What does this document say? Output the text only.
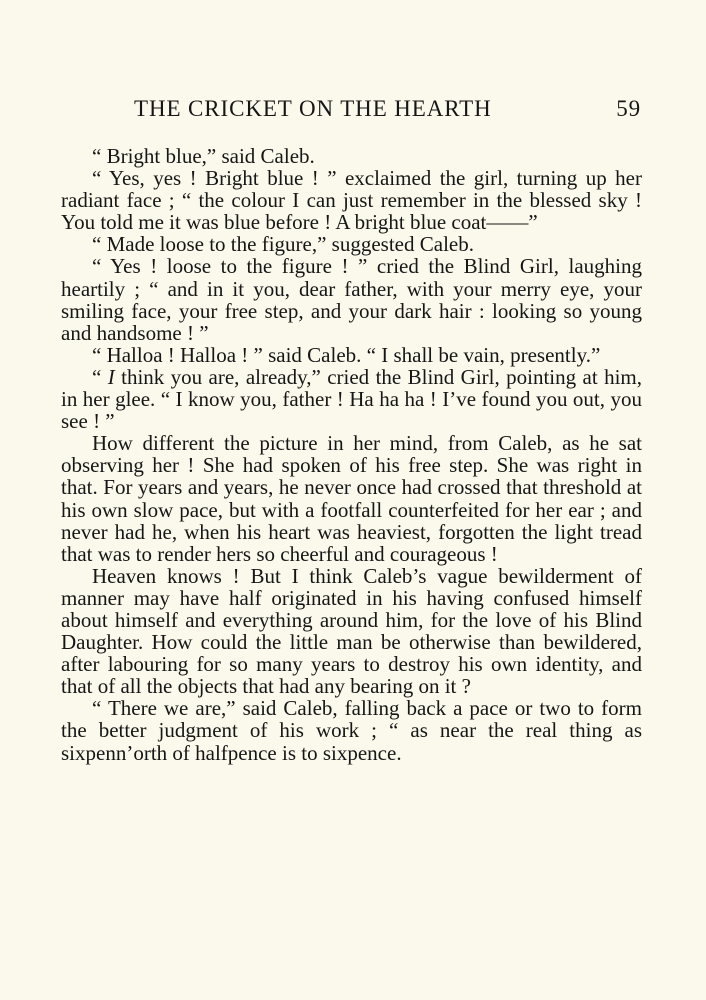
THE CRICKET ON THE HEARTH	59

“ Bright blue,” said Caleb.

“ Yes, yes ! Bright blue ! ” exclaimed the girl, turning up her radiant face ; “ the colour I can just remember in the blessed sky ! You told me it was blue before ! A bright blue coat——”

“ Made loose to the figure,” suggested Caleb.

“ Yes ! loose to the figure ! ” cried the Blind Girl, laughing heartily ; “ and in it you, dear father, with your merry eye, your smiling face, your free step, and your dark hair : looking so young and handsome ! ”

“ Halloa ! Halloa ! ” said Caleb. “ I shall be vain, presently.”

“ I think you are, already,” cried the Blind Girl, pointing at him, in her glee. “ I know you, father ! Ha ha ha ! I’ve found you out, you see ! ”

How different the picture in her mind, from Caleb, as he sat observing her ! She had spoken of his free step. She was right in that. For years and years, he never once had crossed that threshold at his own slow pace, but with a footfall counterfeited for her ear ; and never had he, when his heart was heaviest, forgotten the light tread that was to render hers so cheerful and courageous !

Heaven knows ! But I think Caleb’s vague bewilderment of manner may have half originated in his having confused himself about himself and everything around him, for the love of his Blind Daughter. How could the little man be otherwise than bewildered, after labouring for so many years to destroy his own identity, and that of all the objects that had any bearing on it ?

“ There we are,” said Caleb, falling back a pace or two to form the better judgment of his work ; “ as near the real thing as sixpenn’orth of halfpence is to sixpence.
